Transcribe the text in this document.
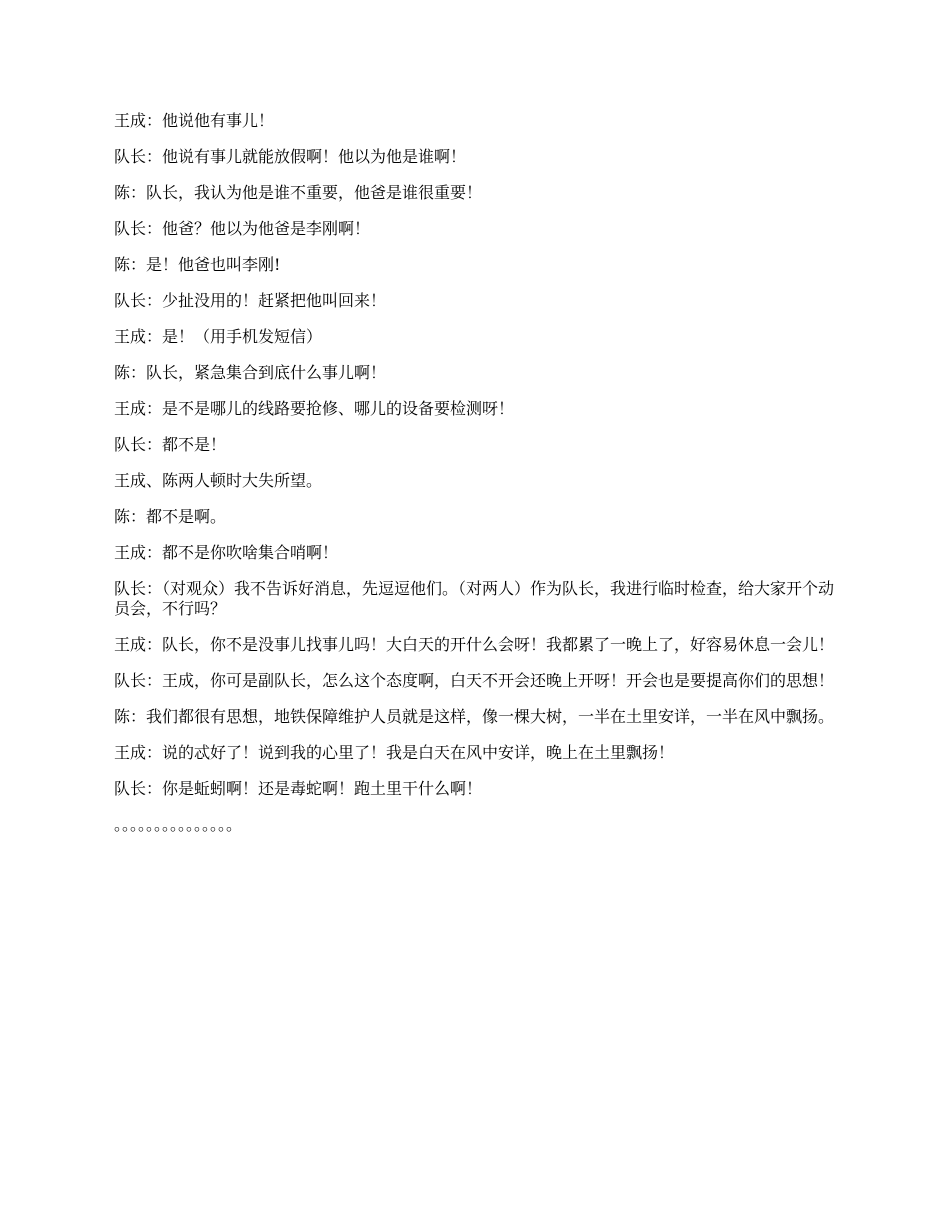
王成：他说他有事儿！

队长：他说有事儿就能放假啊！他以为他是谁啊！

陈：队长，我认为他是谁不重要，他爸是谁很重要！

队长：他爸？他以为他爸是李刚啊！

陈：是！他爸也叫李刚!

队长：少扯没用的！赶紧把他叫回来！

王成：是！（用手机发短信）

陈：队长，紧急集合到底什么事儿啊！

王成：是不是哪儿的线路要抢修、哪儿的设备要检测呀！

队长：都不是！

王成、陈两人顿时大失所望。

陈：都不是啊。

王成：都不是你吹啥集合哨啊！

队长：（对观众）我不告诉好消息，先逗逗他们。（对两人）作为队长，我进行临时检查，给大家开个动员会，不行吗？

王成：队长，你不是没事儿找事儿吗！大白天的开什么会呀！我都累了一晚上了，好容易休息一会儿！

队长：王成，你可是副队长，怎么这个态度啊，白天不开会还晚上开呀！开会也是要提高你们的思想！

陈：我们都很有思想，地铁保障维护人员就是这样，像一棵大树，一半在土里安详，一半在风中飘扬。

王成：说的忒好了！说到我的心里了！我是白天在风中安详，晚上在土里飘扬！

队长：你是蚯蚓啊！还是毒蛇啊！跑土里干什么啊！

。。。。。。。。。。。。。。。
